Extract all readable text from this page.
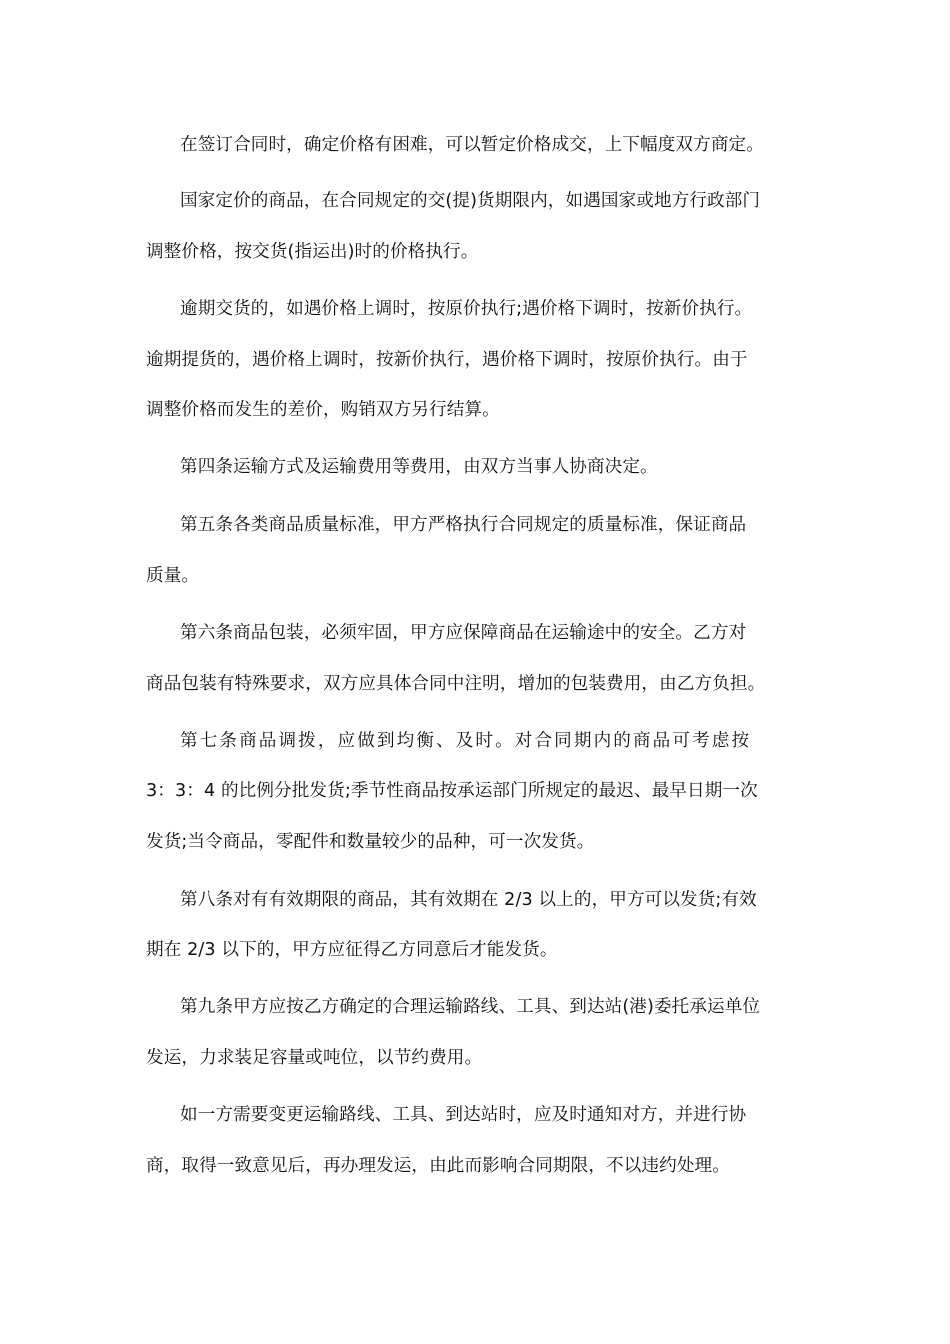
在签订合同时，确定价格有困难，可以暂定价格成交，上下幅度双方商定。

国家定价的商品，在合同规定的交(提)货期限内，如遇国家或地方行政部门

调整价格，按交货(指运出)时的价格执行。

逾期交货的，如遇价格上调时，按原价执行;遇价格下调时，按新价执行。

逾期提货的，遇价格上调时，按新价执行，遇价格下调时，按原价执行。由于

调整价格而发生的差价，购销双方另行结算。

第四条运输方式及运输费用等费用，由双方当事人协商决定。

第五条各类商品质量标准，甲方严格执行合同规定的质量标准，保证商品

质量。

第六条商品包装，必须牢固，甲方应保障商品在运输途中的安全。乙方对

商品包装有特殊要求，双方应具体合同中注明，增加的包装费用，由乙方负担。

第七条商品调拨，应做到均衡、及时。对合同期内的商品可考虑按

3：3：4 的比例分批发货;季节性商品按承运部门所规定的最迟、最早日期一次

发货;当令商品，零配件和数量较少的品种，可一次发货。

第八条对有有效期限的商品，其有效期在 2/3 以上的，甲方可以发货;有效

期在 2/3 以下的，甲方应征得乙方同意后才能发货。

第九条甲方应按乙方确定的合理运输路线、工具、到达站(港)委托承运单位

发运，力求装足容量或吨位，以节约费用。

如一方需要变更运输路线、工具、到达站时，应及时通知对方，并进行协

商，取得一致意见后，再办理发运，由此而影响合同期限，不以违约处理。
